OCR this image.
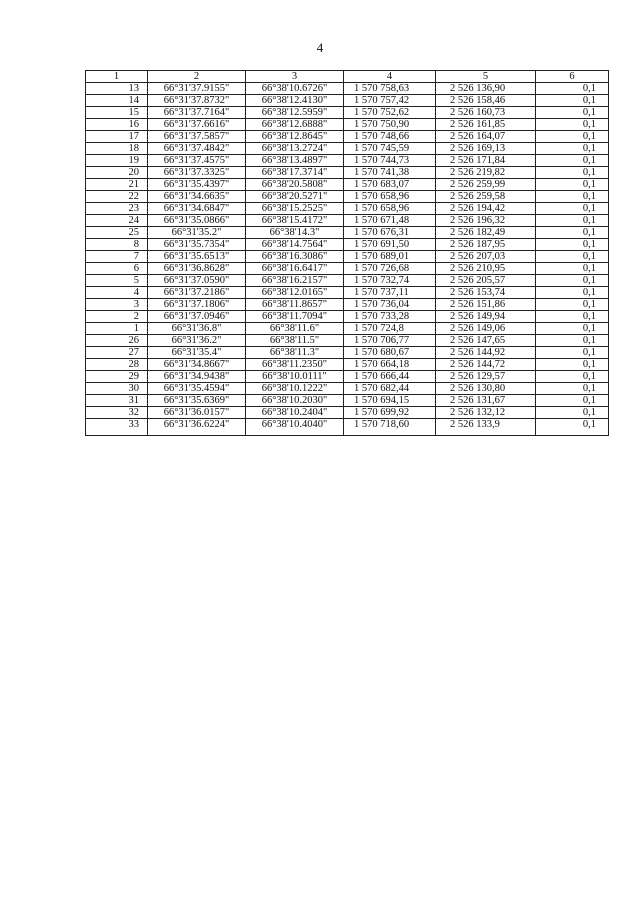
4
1	2	3	4	5	6
13	66°31'37.9155"	66°38'10.6726"	1 570 758,63	2 526 136,90	0,1
14	66°31'37.8732"	66°38'12.4130"	1 570 757,42	2 526 158,46	0,1
15	66°31'37.7164"	66°38'12.5959"	1 570 752,62	2 526 160,73	0,1
16	66°31'37.6616"	66°38'12.6888"	1 570 750,90	2 526 161,85	0,1
17	66°31'37.5857"	66°38'12.8645"	1 570 748,66	2 526 164,07	0,1
18	66°31'37.4842"	66°38'13.2724"	1 570 745,59	2 526 169,13	0,1
19	66°31'37.4575"	66°38'13.4897"	1 570 744,73	2 526 171,84	0,1
20	66°31'37.3325"	66°38'17.3714"	1 570 741,38	2 526 219,82	0,1
21	66°31'35.4397"	66°38'20.5808"	1 570 683,07	2 526 259,99	0,1
22	66°31'34.6635"	66°38'20.5271"	1 570 658,96	2 526 259,58	0,1
23	66°31'34.6847"	66°38'15.2525"	1 570 658,96	2 526 194,42	0,1
24	66°31'35.0866"	66°38'15.4172"	1 570 671,48	2 526 196,32	0,1
25	66°31'35.2"	66°38'14.3"	1 570 676,31	2 526 182,49	0,1
8	66°31'35.7354"	66°38'14.7564"	1 570 691,50	2 526 187,95	0,1
7	66°31'35.6513"	66°38'16.3086"	1 570 689,01	2 526 207,03	0,1
6	66°31'36.8628"	66°38'16.6417"	1 570 726,68	2 526 210,95	0,1
5	66°31'37.0590"	66°38'16.2157"	1 570 732,74	2 526 205,57	0,1
4	66°31'37.2186"	66°38'12.0165"	1 570 737,11	2 526 153,74	0,1
3	66°31'37.1806"	66°38'11.8657"	1 570 736,04	2 526 151,86	0,1
2	66°31'37.0946"	66°38'11.7094"	1 570 733,28	2 526 149,94	0,1
1	66°31'36.8"	66°38'11.6"	1 570 724,8	2 526 149,06	0,1
26	66°31'36.2"	66°38'11.5"	1 570 706,77	2 526 147,65	0,1
27	66°31'35.4"	66°38'11.3"	1 570 680,67	2 526 144,92	0,1
28	66°31'34.8667"	66°38'11.2350"	1 570 664,18	2 526 144,72	0,1
29	66°31'34.9438"	66°38'10.0111"	1 570 666,44	2 526 129,57	0,1
30	66°31'35.4594"	66°38'10.1222"	1 570 682,44	2 526 130,80	0,1
31	66°31'35.6369"	66°38'10.2030"	1 570 694,15	2 526 131,67	0,1
32	66°31'36.0157"	66°38'10.2404"	1 570 699,92	2 526 132,12	0,1
33	66°31'36.6224"	66°38'10.4040"	1 570 718,60	2 526 133,9	0,1
